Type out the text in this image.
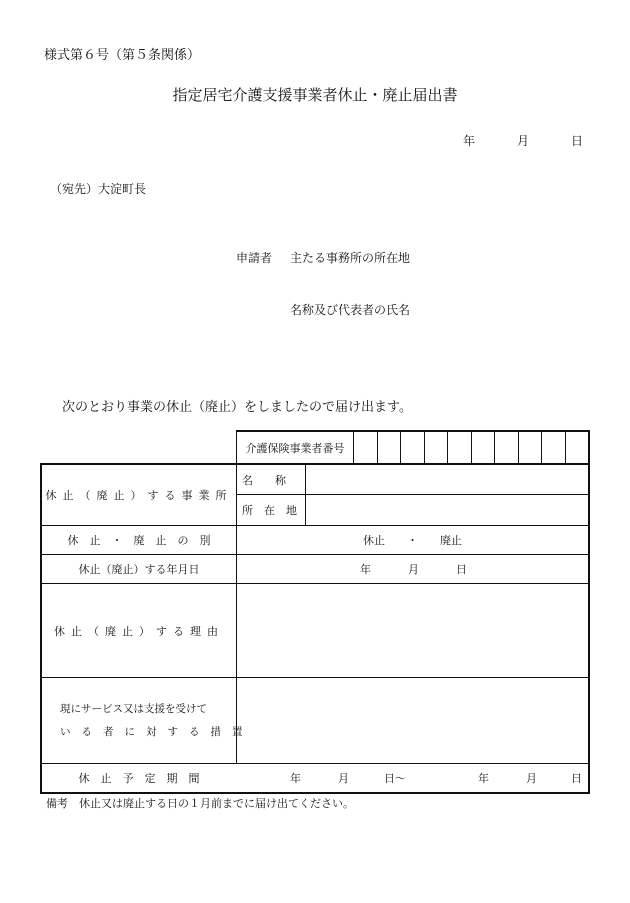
様式第６号（第５条関係）
指定居宅介護支援事業者休止・廃止届出書
年	月	日
（宛先）大淀町長
申請者 主たる事務所の所在地
名称及び代表者の氏名
次のとおり事業の休止（廃止）をしましたので届け出ます。
介護保険事業者番号
休止（廃止）する事業所
名　　称
所　在　地
休　止　・　廃　止　の　別	休止　　・　　廃止
休止（廃止）する年月日	年	月	日
休止（廃止）する理由
現にサービス又は支援を受けて
いる者に対する措置
休　止　予　定　期　間	年	月	日～	年	月	日
備考　休止又は廃止する日の１月前までに届け出てください。
